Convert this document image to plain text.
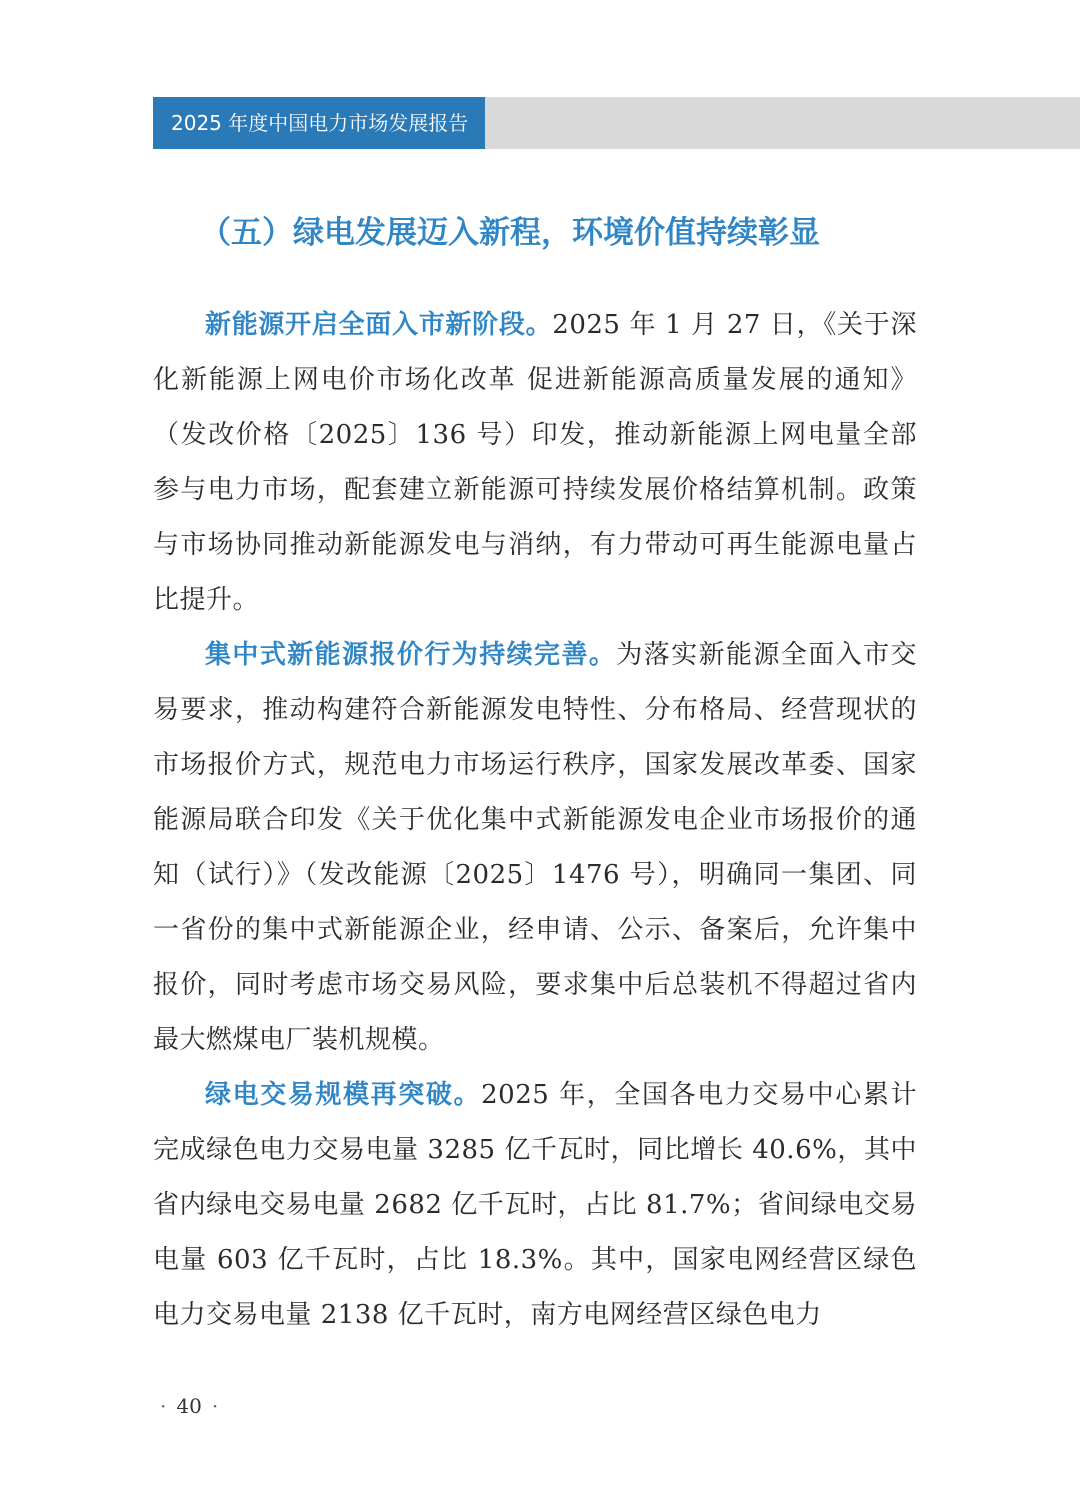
2025 年度中国电力市场发展报告
（五）绿电发展迈入新程，环境价值持续彰显

新能源开启全面入市新阶段。2025 年 1 月 27 日，《关于深化新能源上网电价市场化改革 促进新能源高质量发展的通知》（发改价格〔2025〕136 号）印发，推动新能源上网电量全部参与电力市场，配套建立新能源可持续发展价格结算机制。政策与市场协同推动新能源发电与消纳，有力带动可再生能源电量占比提升。

集中式新能源报价行为持续完善。为落实新能源全面入市交易要求，推动构建符合新能源发电特性、分布格局、经营现状的市场报价方式，规范电力市场运行秩序，国家发展改革委、国家能源局联合印发《关于优化集中式新能源发电企业市场报价的通知（试行）》（发改能源〔2025〕1476 号），明确同一集团、同一省份的集中式新能源企业，经申请、公示、备案后，允许集中报价，同时考虑市场交易风险，要求集中后总装机不得超过省内最大燃煤电厂装机规模。

绿电交易规模再突破。2025 年，全国各电力交易中心累计完成绿色电力交易电量 3285 亿千瓦时，同比增长 40.6%，其中省内绿电交易电量 2682 亿千瓦时，占比 81.7%；省间绿电交易电量 603 亿千瓦时，占比 18.3%。其中，国家电网经营区绿色电力交易电量 2138 亿千瓦时，南方电网经营区绿色电力

· 40 ·
